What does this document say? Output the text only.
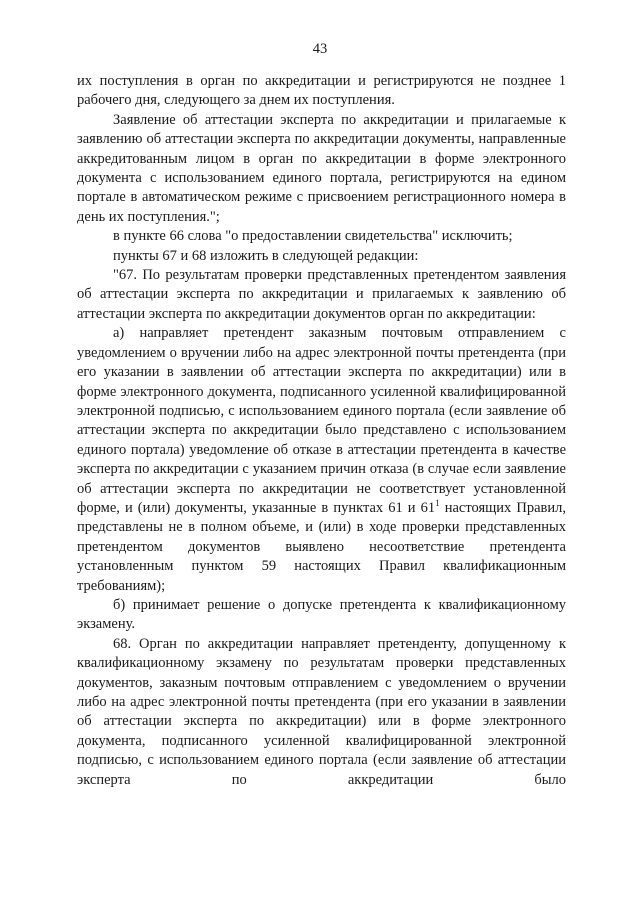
43

их поступления в орган по аккредитации и регистрируются не позднее 1 рабочего дня, следующего за днем их поступления.

Заявление об аттестации эксперта по аккредитации и прилагаемые к заявлению об аттестации эксперта по аккредитации документы, направленные аккредитованным лицом в орган по аккредитации в форме электронного документа с использованием единого портала, регистрируются на едином портале в автоматическом режиме с присвоением регистрационного номера в день их поступления.";

в пункте 66 слова "о предоставлении свидетельства" исключить;

пункты 67 и 68 изложить в следующей редакции:

"67. По результатам проверки представленных претендентом заявления об аттестации эксперта по аккредитации и прилагаемых к заявлению об аттестации эксперта по аккредитации документов орган по аккредитации:

а) направляет претендент заказным почтовым отправлением с уведомлением о вручении либо на адрес электронной почты претендента (при его указании в заявлении об аттестации эксперта по аккредитации) или в форме электронного документа, подписанного усиленной квалифицированной электронной подписью, с использованием единого портала (если заявление об аттестации эксперта по аккредитации было представлено с использованием единого портала) уведомление об отказе в аттестации претендента в качестве эксперта по аккредитации с указанием причин отказа (в случае если заявление об аттестации эксперта по аккредитации не соответствует установленной форме, и (или) документы, указанные в пунктах 61 и $61^1$ настоящих Правил, представлены не в полном объеме, и (или) в ходе проверки представленных претендентом документов выявлено несоответствие претендента установленным пунктом 59 настоящих Правил квалификационным требованиям);

б) принимает решение о допуске претендента к квалификационному экзамену.

68. Орган по аккредитации направляет претенденту, допущенному к квалификационному экзамену по результатам проверки представленных документов, заказным почтовым отправлением с уведомлением о вручении либо на адрес электронной почты претендента (при его указании в заявлении об аттестации эксперта по аккредитации) или в форме электронного документа, подписанного усиленной квалифицированной электронной подписью, с использованием единого портала (если заявление об аттестации эксперта по аккредитации было
